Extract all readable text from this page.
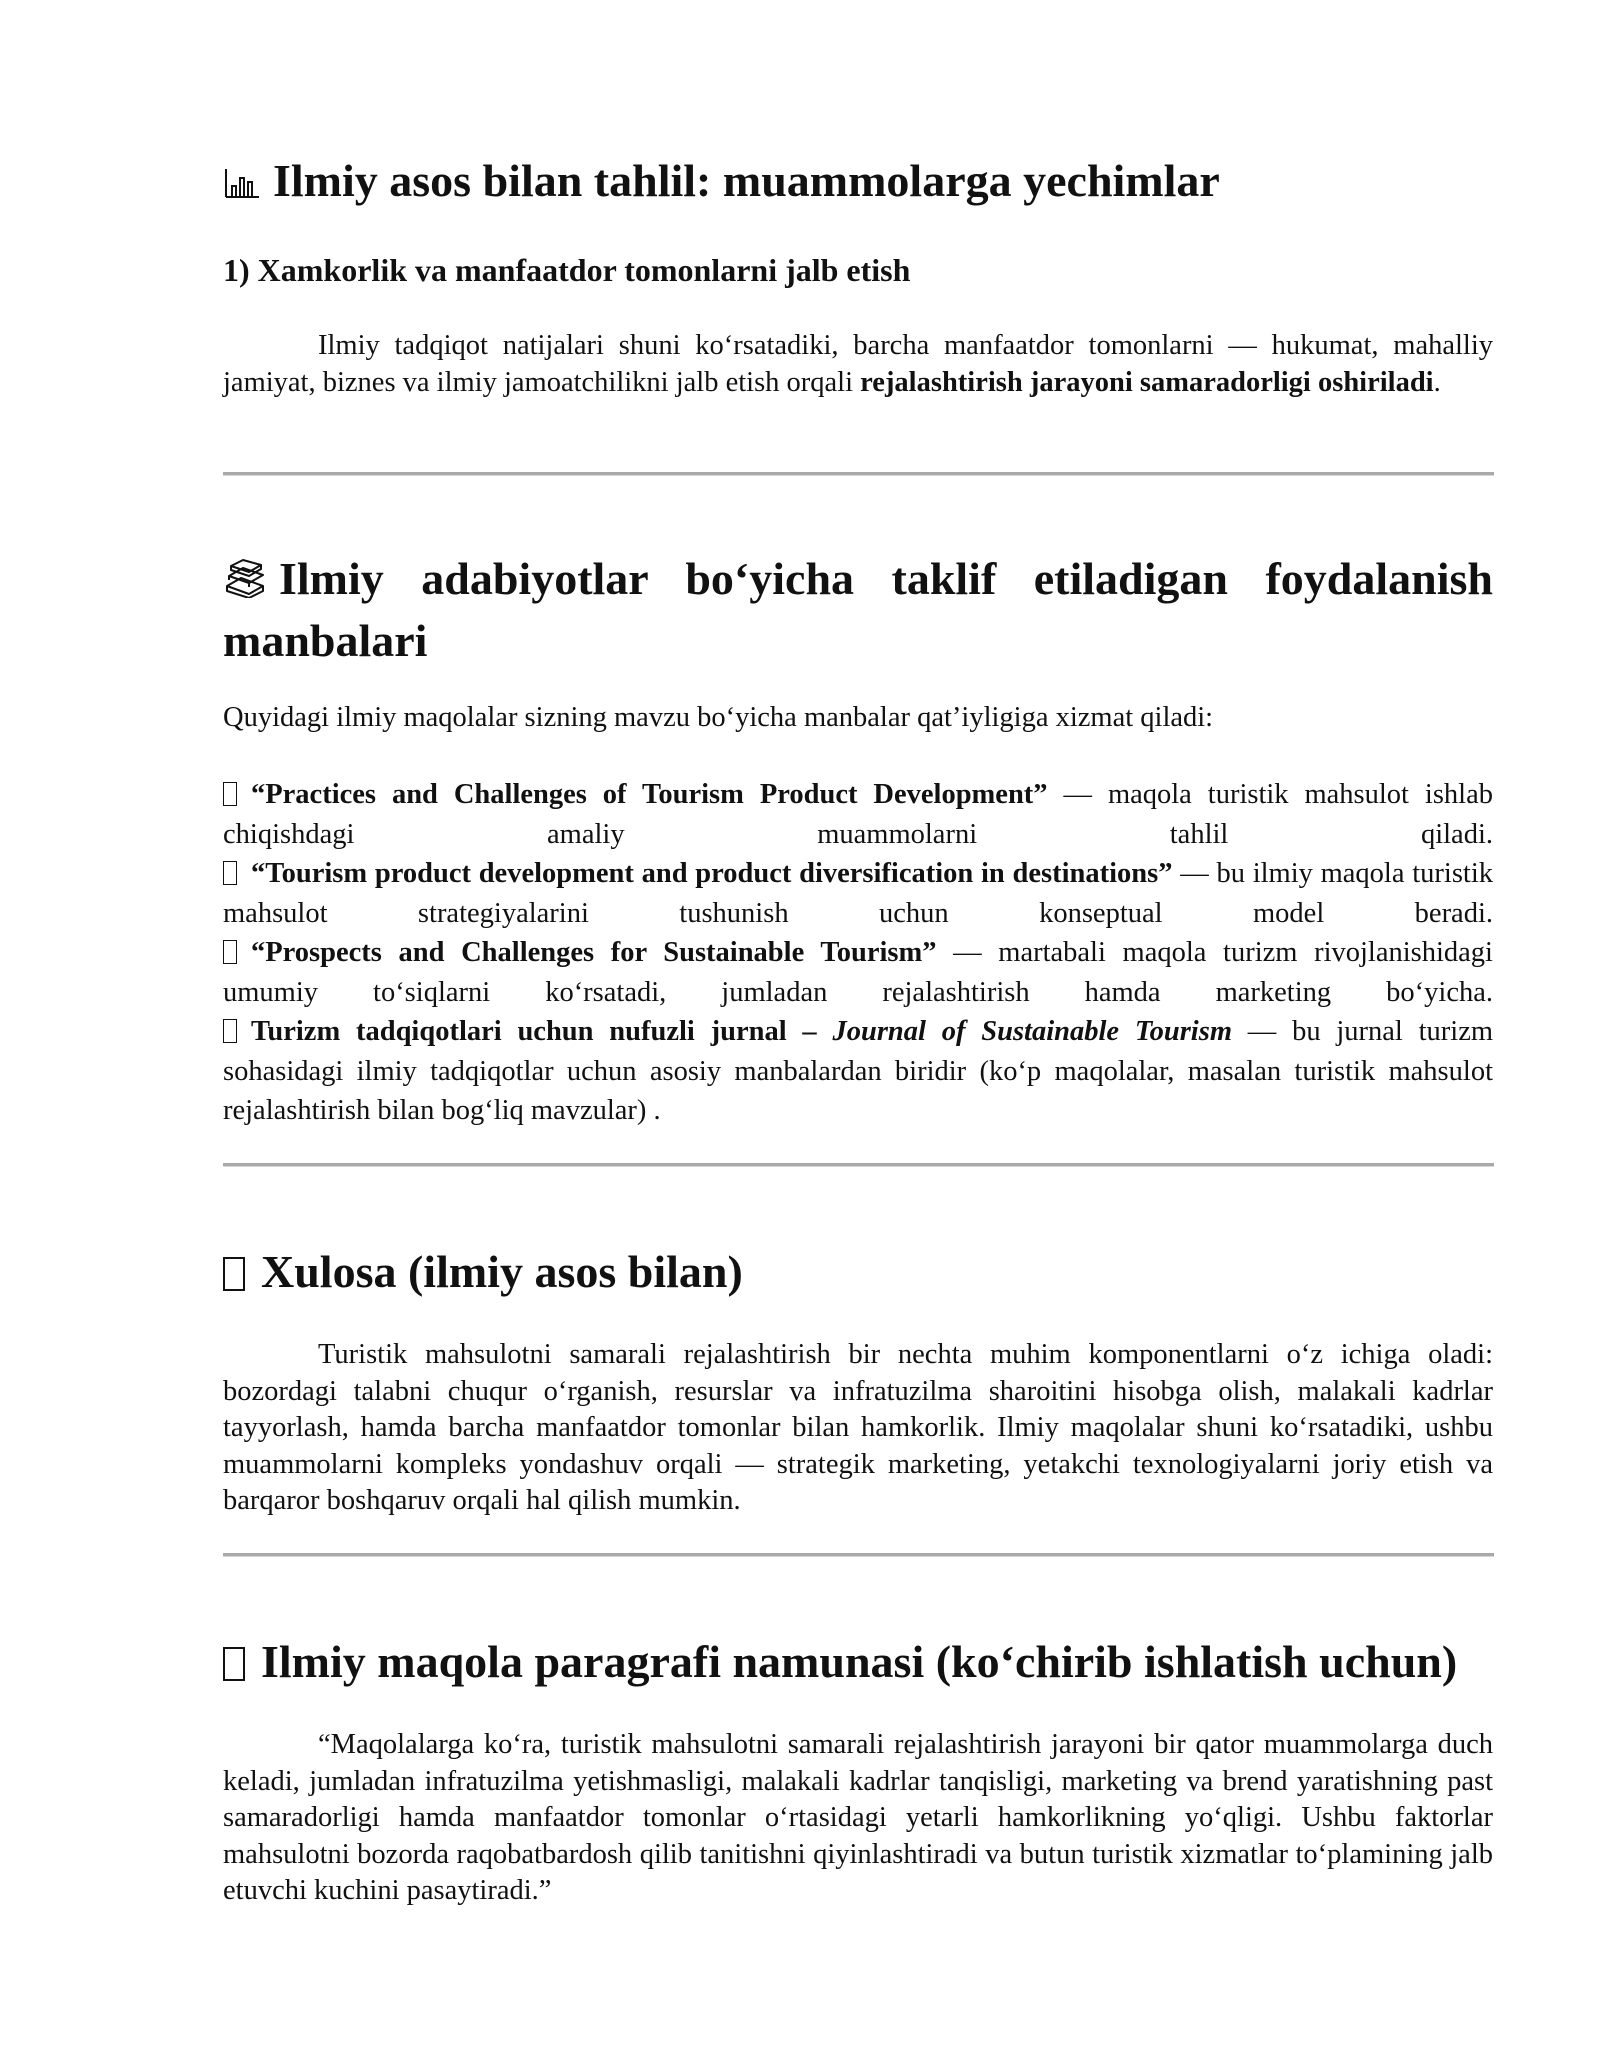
Ilmiy asos bilan tahlil: muammolarga yechimlar
1) Xamkorlik va manfaatdor tomonlarni jalb etish

Ilmiy tadqiqot natijalari shuni ko‘rsatadiki, barcha manfaatdor tomonlarni — hukumat, mahalliy jamiyat, biznes va ilmiy jamoatchilikni jalb etish orqali rejalashtirish jarayoni samaradorligi oshiriladi.

Ilmiy adabiyotlar bo‘yicha taklif etiladigan foydalanish manbalari

Quyidagi ilmiy maqolalar sizning mavzu bo‘yicha manbalar qat’iyligiga xizmat qiladi:

“Practices and Challenges of Tourism Product Development” — maqola turistik mahsulot ishlab chiqishdagi amaliy muammolarni tahlil qiladi.
“Tourism product development and product diversification in destinations” — bu ilmiy maqola turistik mahsulot strategiyalarini tushunish uchun konseptual model beradi.
“Prospects and Challenges for Sustainable Tourism” — martabali maqola turizm rivojlanishidagi umumiy to‘siqlarni ko‘rsatadi, jumladan rejalashtirish hamda marketing bo‘yicha.
Turizm tadqiqotlari uchun nufuzli jurnal – Journal of Sustainable Tourism — bu jurnal turizm sohasidagi ilmiy tadqiqotlar uchun asosiy manbalardan biridir (ko‘p maqolalar, masalan turistik mahsulot rejalashtirish bilan bog‘liq mavzular) .
Xulosa (ilmiy asos bilan)

Turistik mahsulotni samarali rejalashtirish bir nechta muhim komponentlarni o‘z ichiga oladi: bozordagi talabni chuqur o‘rganish, resurslar va infratuzilma sharoitini hisobga olish, malakali kadrlar tayyorlash, hamda barcha manfaatdor tomonlar bilan hamkorlik. Ilmiy maqolalar shuni ko‘rsatadiki, ushbu muammolarni kompleks yondashuv orqali — strategik marketing, yetakchi texnologiyalarni joriy etish va barqaror boshqaruv orqali hal qilish mumkin.

Ilmiy maqola paragrafi namunasi (ko‘chirib ishlatish uchun)

“Maqolalarga ko‘ra, turistik mahsulotni samarali rejalashtirish jarayoni bir qator muammolarga duch keladi, jumladan infratuzilma yetishmasligi, malakali kadrlar tanqisligi, marketing va brend yaratishning past samaradorligi hamda manfaatdor tomonlar o‘rtasidagi yetarli hamkorlikning yo‘qligi. Ushbu faktorlar mahsulotni bozorda raqobatbardosh qilib tanitishni qiyinlashtiradi va butun turistik xizmatlar to‘plamining jalb etuvchi kuchini pasaytiradi.”
